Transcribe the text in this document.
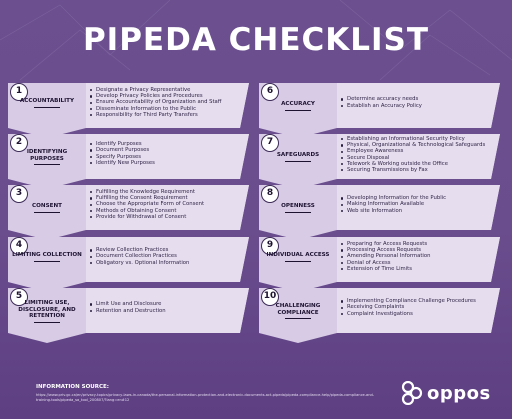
PIPEDA CHECKLIST
1
ACCOUNTABILITY
Designate a Privacy Representative
Develop Privacy Policies and Procedures
Ensure Accountability of Organization and Staff
Disseminate Information to the Public
Responsibility for Third Party Transfers
2
IDENTIFYING PURPOSES
Identify Purposes
Document Purposes
Specify Purposes
Identify New Purposes
3
CONSENT
Fulfilling the Knowledge Requirement
Fulfilling the Consent Requirement
Choose the Appropriate Form of Consent
Methods of Obtaining Consent
Provide for Withdrawal of Consent
4
LIMITING COLLECTION
Review Collection Practices
Document Collection Practices
Obligatory vs. Optional Information
5
LIMITING USE, DISCLOSURE, AND RETENTION
Limit Use and Disclosure
Retention and Destruction
6
ACCURACY
Determine accuracy needs
Establish an Accuracy Policy
7
SAFEGUARDS
Establishing an Informational Security Policy
Physical, Organizational & Technological Safeguards
Employee Awareness
Secure Disposal
Telework & Working outside the Office
Securing Transmissions by Fax
8
OPENNESS
Developing Information for the Public
Making Information Available
Web site Information
9
INDIVIDUAL ACCESS
Preparing for Access Requests
Processing Access Requests
Amending Personal Information
Denial of Access
Extension of Time Limits
10
CHALLENGING COMPLIANCE
Implementing Compliance Challenge Procedures
Receiving Complaints
Complaint Investigations
INFORMATION SOURCE:
https://www.priv.gc.ca/en/privacy-topics/privacy-laws-in-canada/the-personal-information-protection-and-electronic-documents-act-pipeda/pipeda-compliance-help/pipeda-compliance-and-training-tools/pipeda_sa_tool_200807/?lang=en#12	oppos
